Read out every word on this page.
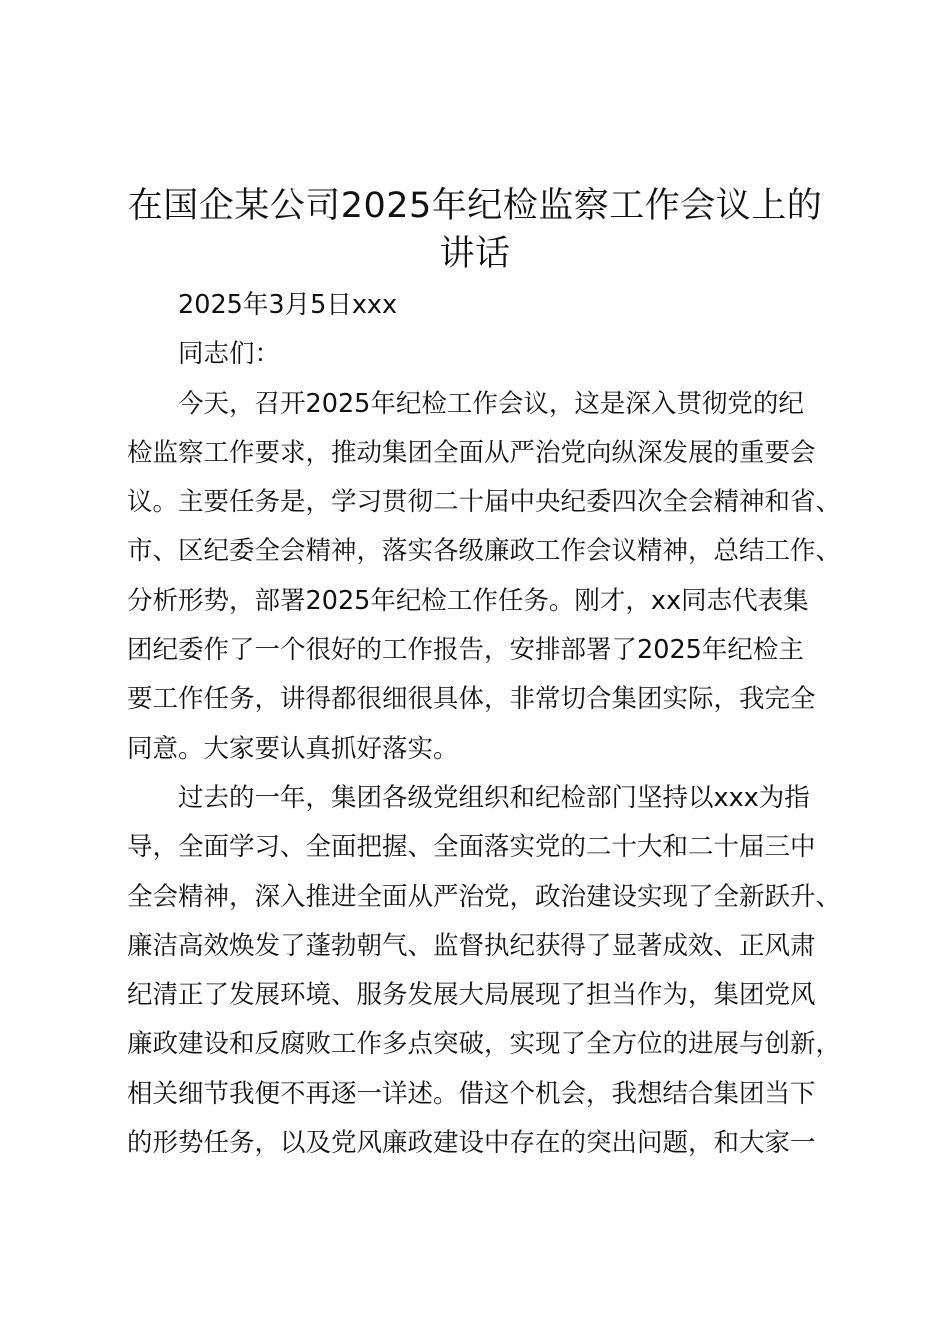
在国企某公司2025年纪检监察工作会议上的
讲话
2025年3月5日xxx
同志们：
今天，召开2025年纪检工作会议，这是深入贯彻党的纪
检监察工作要求，推动集团全面从严治党向纵深发展的重要会
议。主要任务是，学习贯彻二十届中央纪委四次全会精神和省、
市、区纪委全会精神，落实各级廉政工作会议精神，总结工作、
分析形势，部署2025年纪检工作任务。刚才，xx同志代表集
团纪委作了一个很好的工作报告，安排部署了2025年纪检主
要工作任务，讲得都很细很具体，非常切合集团实际，我完全
同意。大家要认真抓好落实。
过去的一年，集团各级党组织和纪检部门坚持以xxx为指
导，全面学习、全面把握、全面落实党的二十大和二十届三中
全会精神，深入推进全面从严治党，政治建设实现了全新跃升、
廉洁高效焕发了蓬勃朝气、监督执纪获得了显著成效、正风肃
纪清正了发展环境、服务发展大局展现了担当作为，集团党风
廉政建设和反腐败工作多点突破，实现了全方位的进展与创新，
相关细节我便不再逐一详述。借这个机会，我想结合集团当下
的形势任务，以及党风廉政建设中存在的突出问题，和大家一
